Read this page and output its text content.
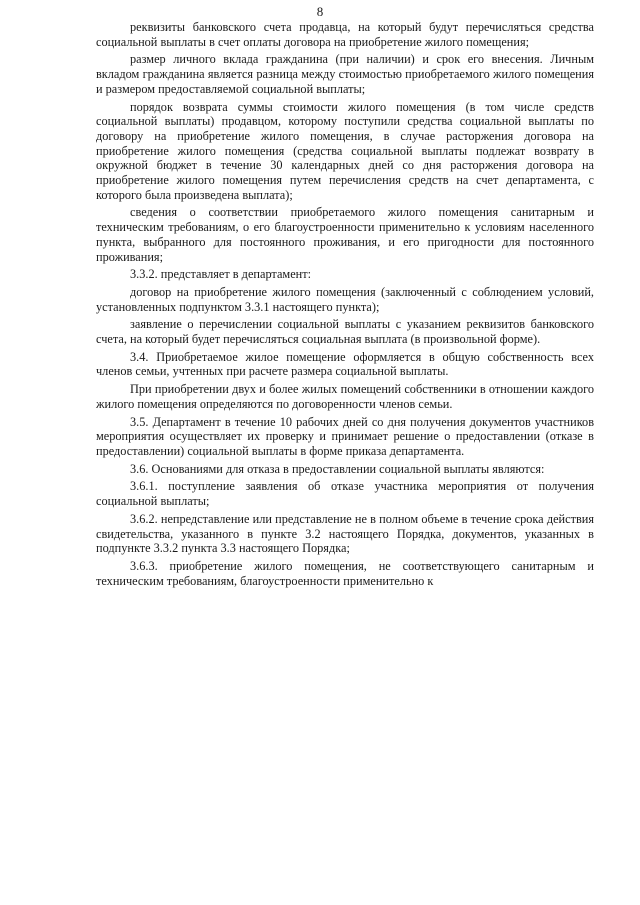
8

реквизиты банковского счета продавца, на который будут перечисляться средства социальной выплаты в счет оплаты договора на приобретение жилого помещения;

размер личного вклада гражданина (при наличии) и срок его внесения. Личным вкладом гражданина является разница между стоимостью приобретаемого жилого помещения и размером предоставляемой социальной выплаты;

порядок возврата суммы стоимости жилого помещения (в том числе средств социальной выплаты) продавцом, которому поступили средства социальной выплаты по договору на приобретение жилого помещения, в случае расторжения договора на приобретение жилого помещения (средства социальной выплаты подлежат возврату в окружной бюджет в течение 30 календарных дней со дня расторжения договора на приобретение жилого помещения путем перечисления средств на счет департамента, с которого была произведена выплата);

сведения о соответствии приобретаемого жилого помещения санитарным и техническим требованиям, о его благоустроенности применительно к условиям населенного пункта, выбранного для постоянного проживания, и его пригодности для постоянного проживания;

3.3.2. представляет в департамент:

договор на приобретение жилого помещения (заключенный с соблюдением условий, установленных подпунктом 3.3.1 настоящего пункта);

заявление о перечислении социальной выплаты с указанием реквизитов банковского счета, на который будет перечисляться социальная выплата (в произвольной форме).

3.4. Приобретаемое жилое помещение оформляется в общую собственность всех членов семьи, учтенных при расчете размера социальной выплаты.

При приобретении двух и более жилых помещений собственники в отношении каждого жилого помещения определяются по договоренности членов семьи.

3.5. Департамент в течение 10 рабочих дней со дня получения документов участников мероприятия осуществляет их проверку и принимает решение о предоставлении (отказе в предоставлении) социальной выплаты в форме приказа департамента.

3.6. Основаниями для отказа в предоставлении социальной выплаты являются:

3.6.1. поступление заявления об отказе участника мероприятия от получения социальной выплаты;

3.6.2. непредставление или представление не в полном объеме в течение срока действия свидетельства, указанного в пункте 3.2 настоящего Порядка, документов, указанных в подпункте 3.3.2 пункта 3.3 настоящего Порядка;

3.6.3. приобретение жилого помещения, не соответствующего санитарным и техническим требованиям, благоустроенности применительно к
